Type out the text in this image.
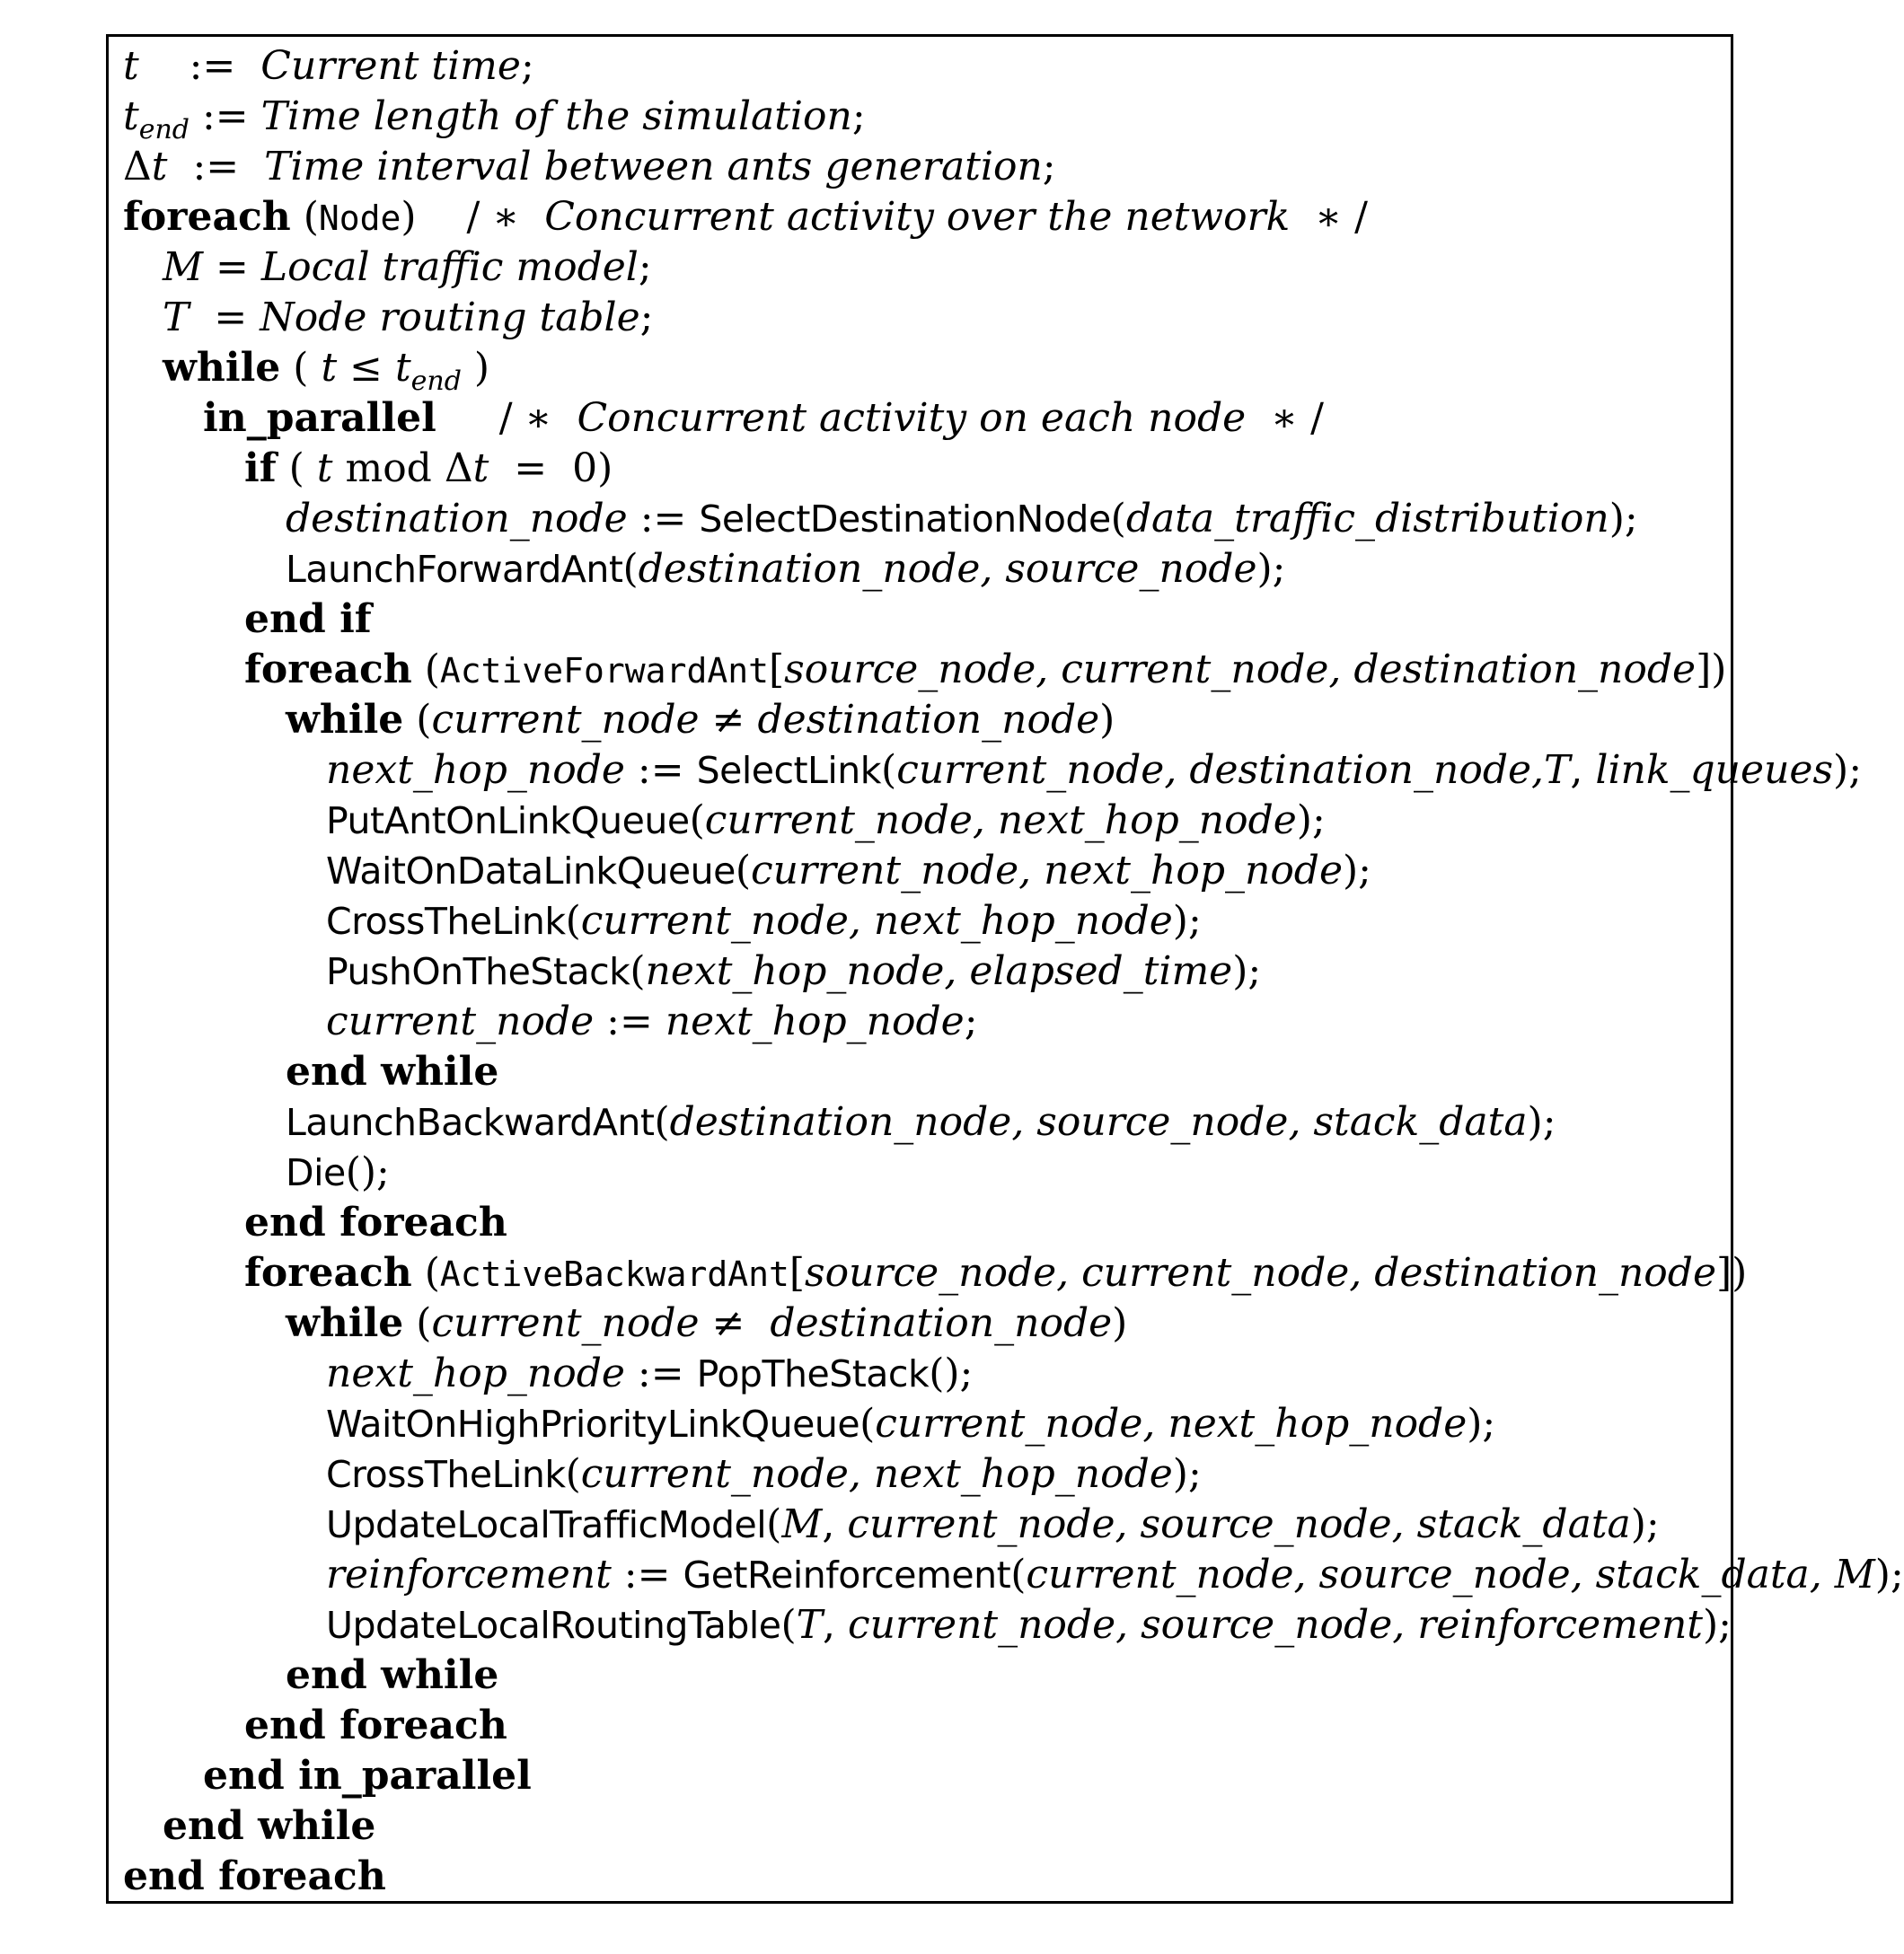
t    :=  Current time;
$t_{end}$ := Time length of the simulation;
Δt  :=  Time interval between ants generation;
foreach (Node)    / ∗  Concurrent activity over the network  ∗ /
M = Local traffic model;
T  = Node routing table;
while ( $t \le t_{end}$ )
in_parallel     / ∗  Concurrent activity on each node  ∗ /
if ( t mod Δt  =  0)
destination_node := SelectDestinationNode(data_traffic_distribution);
LaunchForwardAnt(destination_node, source_node);
end if
foreach (ActiveForwardAnt[source_node, current_node, destination_node])
while (current_node ≠ destination_node)
next_hop_node := SelectLink(current_node, destination_node,T, link_queues);
PutAntOnLinkQueue(current_node, next_hop_node);
WaitOnDataLinkQueue(current_node, next_hop_node);
CrossTheLink(current_node, next_hop_node);
PushOnTheStack(next_hop_node, elapsed_time);
current_node := next_hop_node;
end while
LaunchBackwardAnt(destination_node, source_node, stack_data);
Die();
end foreach
foreach (ActiveBackwardAnt[source_node, current_node, destination_node])
while (current_node ≠  destination_node)
next_hop_node := PopTheStack();
WaitOnHighPriorityLinkQueue(current_node, next_hop_node);
CrossTheLink(current_node, next_hop_node);
UpdateLocalTrafficModel(M, current_node, source_node, stack_data);
reinforcement := GetReinforcement(current_node, source_node, stack_data, M);
UpdateLocalRoutingTable(T, current_node, source_node, reinforcement);
end while
end foreach
end in_parallel
end while
end foreach
